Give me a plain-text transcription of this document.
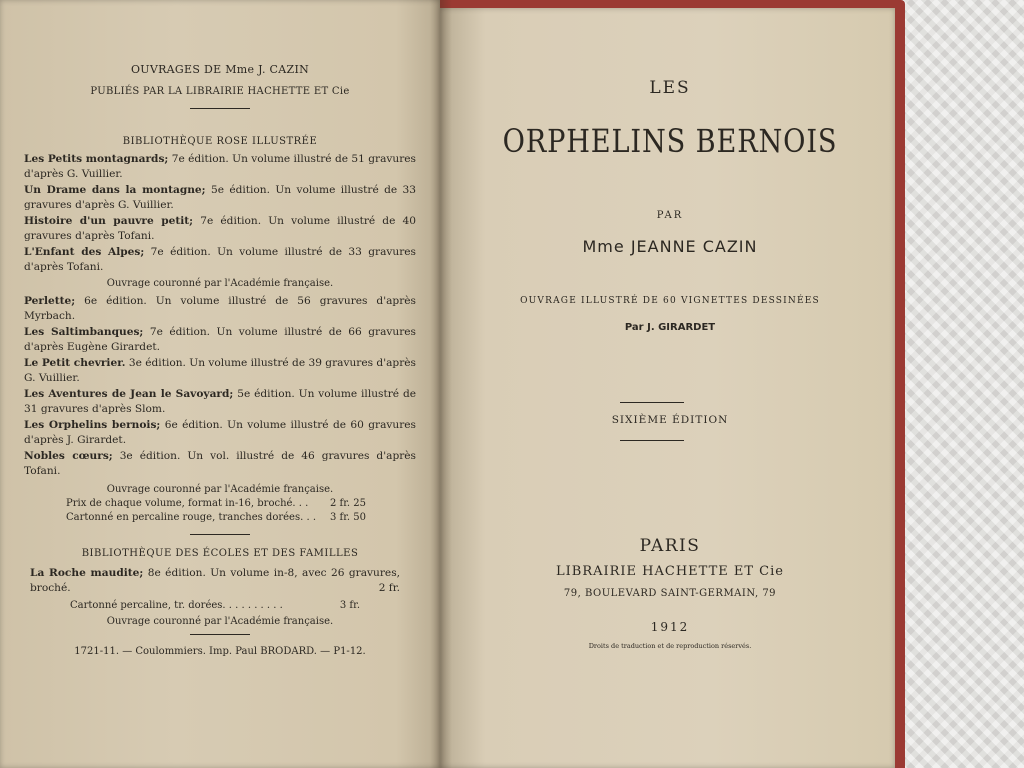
OUVRAGES DE Mme J. CAZIN
PUBLIÉS PAR LA LIBRAIRIE HACHETTE ET Cie
BIBLIOTHÈQUE ROSE ILLUSTRÉE
Les Petits montagnards; 7e édition. Un volume illustré de 51 gravures d'après G. Vuillier.
Un Drame dans la montagne; 5e édition. Un volume illustré de 33 gravures d'après G. Vuillier.
Histoire d'un pauvre petit; 7e édition. Un volume illustré de 40 gravures d'après Tofani.
L'Enfant des Alpes; 7e édition. Un volume illustré de 33 gravures d'après Tofani.
Ouvrage couronné par l'Académie française.
Perlette; 6e édition. Un volume illustré de 56 gravures d'après Myrbach.
Les Saltimbanques; 7e édition. Un volume illustré de 66 gravures d'après Eugène Girardet.
Le Petit chevrier. 3e édition. Un volume illustré de 39 gravures d'après G. Vuillier.
Les Aventures de Jean le Savoyard; 5e édition. Un volume illustré de 31 gravures d'après Slom.
Les Orphelins bernois; 6e édition. Un volume illustré de 60 gravures d'après J. Girardet.
Nobles cœurs; 3e édition. Un vol. illustré de 46 gravures d'après Tofani.
Ouvrage couronné par l'Académie française.
Prix de chaque volume, format in-16, broché. . . 2 fr. 25
Cartonné en percaline rouge, tranches dorées. . . 3 fr. 50
BIBLIOTHÈQUE DES ÉCOLES ET DES FAMILLES
La Roche maudite; 8e édition. Un volume in-8, avec 26 gravures, broché.	2 fr.
Cartonné percaline, tr. dorées. . . . . . . . . .	3 fr.
Ouvrage couronné par l'Académie française.
1721-11. — Coulommiers. Imp. Paul BRODARD. — P1-12.
LES
ORPHELINS BERNOIS
PAR
Mme JEANNE CAZIN
OUVRAGE ILLUSTRÉ DE 60 VIGNETTES DESSINÉES
Par J. GIRARDET
SIXIÈME ÉDITION
PARIS
LIBRAIRIE HACHETTE ET Cie
79, BOULEVARD SAINT-GERMAIN, 79
1912
Droits de traduction et de reproduction réservés.
